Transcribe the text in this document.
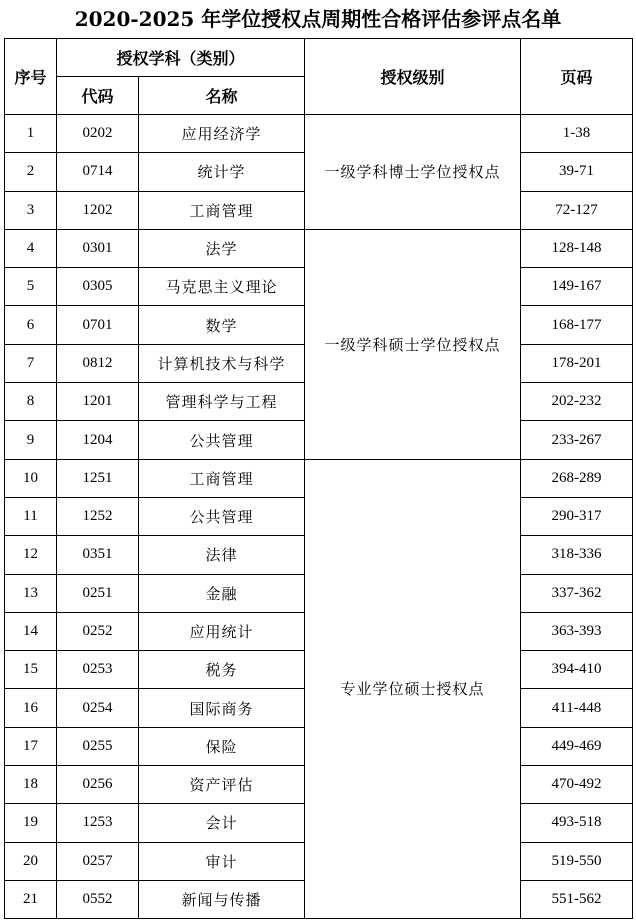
2020-2025 年学位授权点周期性合格评估参评点名单
序号	授权学科（类别）		授权级别	页码
	代码	名称		
1	0202	应用经济学	一级学科博士学位授权点	1-38
2	0714	统计学		39-71
3	1202	工商管理		72-127
4	0301	法学	一级学科硕士学位授权点	128-148
5	0305	马克思主义理论		149-167
6	0701	数学		168-177
7	0812	计算机技术与科学		178-201
8	1201	管理科学与工程		202-232
9	1204	公共管理		233-267
10	1251	工商管理	专业学位硕士授权点	268-289
11	1252	公共管理		290-317
12	0351	法律		318-336
13	0251	金融		337-362
14	0252	应用统计		363-393
15	0253	税务		394-410
16	0254	国际商务		411-448
17	0255	保险		449-469
18	0256	资产评估		470-492
19	1253	会计		493-518
20	0257	审计		519-550
21	0552	新闻与传播		551-562
